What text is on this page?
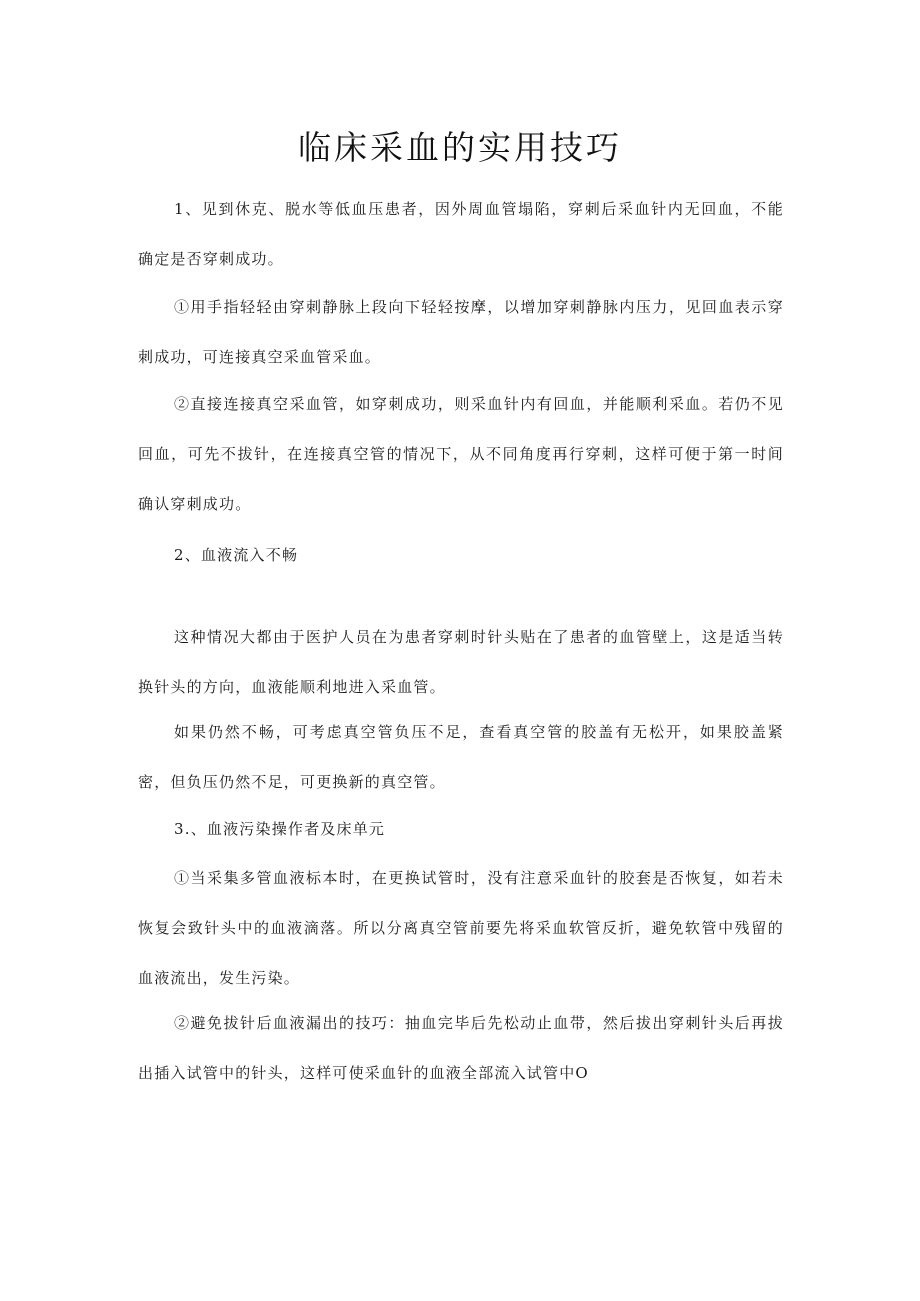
临床采血的实用技巧
1、见到休克、脱水等低血压患者，因外周血管塌陷，穿刺后采血针内无回血，不能确定是否穿刺成功。
①用手指轻轻由穿刺静脉上段向下轻轻按摩，以增加穿刺静脉内压力，见回血表示穿刺成功，可连接真空采血管采血。
②直接连接真空采血管，如穿刺成功，则采血针内有回血，并能顺利采血。若仍不见回血，可先不拔针，在连接真空管的情况下，从不同角度再行穿刺，这样可便于第一时间确认穿刺成功。
2、血液流入不畅
这种情况大都由于医护人员在为患者穿刺时针头贴在了患者的血管壁上，这是适当转换针头的方向，血液能顺利地进入采血管。
如果仍然不畅，可考虑真空管负压不足，查看真空管的胶盖有无松开，如果胶盖紧密，但负压仍然不足，可更换新的真空管。
3.、血液污染操作者及床单元
①当采集多管血液标本时，在更换试管时，没有注意采血针的胶套是否恢复，如若未恢复会致针头中的血液滴落。所以分离真空管前要先将采血软管反折，避免软管中残留的血液流出，发生污染。
②避免拔针后血液漏出的技巧：抽血完毕后先松动止血带，然后拔出穿刺针头后再拔出插入试管中的针头，这样可使采血针的血液全部流入试管中O
